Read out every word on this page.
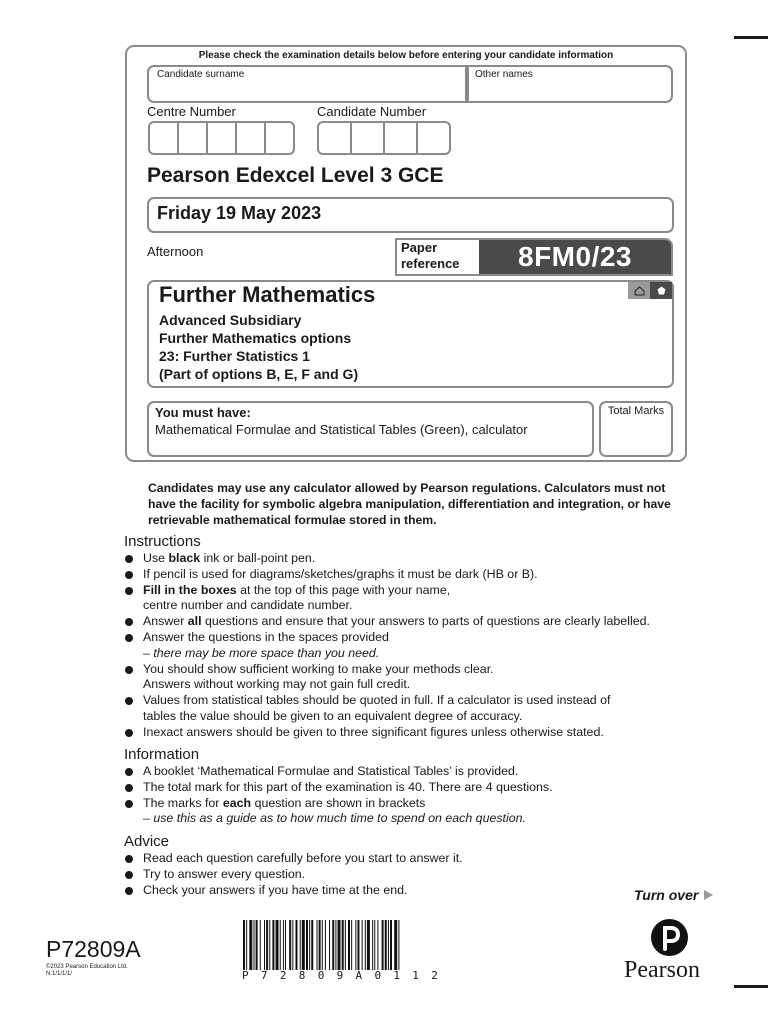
Please check the examination details below before entering your candidate information
Candidate surname	Other names
Centre Number	Candidate Number
Pearson Edexcel Level 3 GCE
Friday 19 May 2023
Afternoon	Paper reference	8FM0/23
Further Mathematics
Advanced Subsidiary
Further Mathematics options
23: Further Statistics 1
(Part of options B, E, F and G)
You must have:
Mathematical Formulae and Statistical Tables (Green), calculator
Total Marks
Candidates may use any calculator allowed by Pearson regulations. Calculators must not have the facility for symbolic algebra manipulation, differentiation and integration, or have retrievable mathematical formulae stored in them.
Instructions
Use black ink or ball-point pen.
If pencil is used for diagrams/sketches/graphs it must be dark (HB or B).
Fill in the boxes at the top of this page with your name,
centre number and candidate number.
Answer all questions and ensure that your answers to parts of questions are clearly labelled.
Answer the questions in the spaces provided
– there may be more space than you need.
You should show sufficient working to make your methods clear.
Answers without working may not gain full credit.
Values from statistical tables should be quoted in full. If a calculator is used instead of
tables the value should be given to an equivalent degree of accuracy.
Inexact answers should be given to three significant figures unless otherwise stated.
Information
A booklet ‘Mathematical Formulae and Statistical Tables’ is provided.
The total mark for this part of the examination is 40. There are 4 questions.
The marks for each question are shown in brackets
– use this as a guide as to how much time to spend on each question.
Advice
Read each question carefully before you start to answer it.
Try to answer every question.
Check your answers if you have time at the end.	Turn over
P72809A
©2023 Pearson Education Ltd.
N:1/1/1/1/	P72809A0112	Pearson
